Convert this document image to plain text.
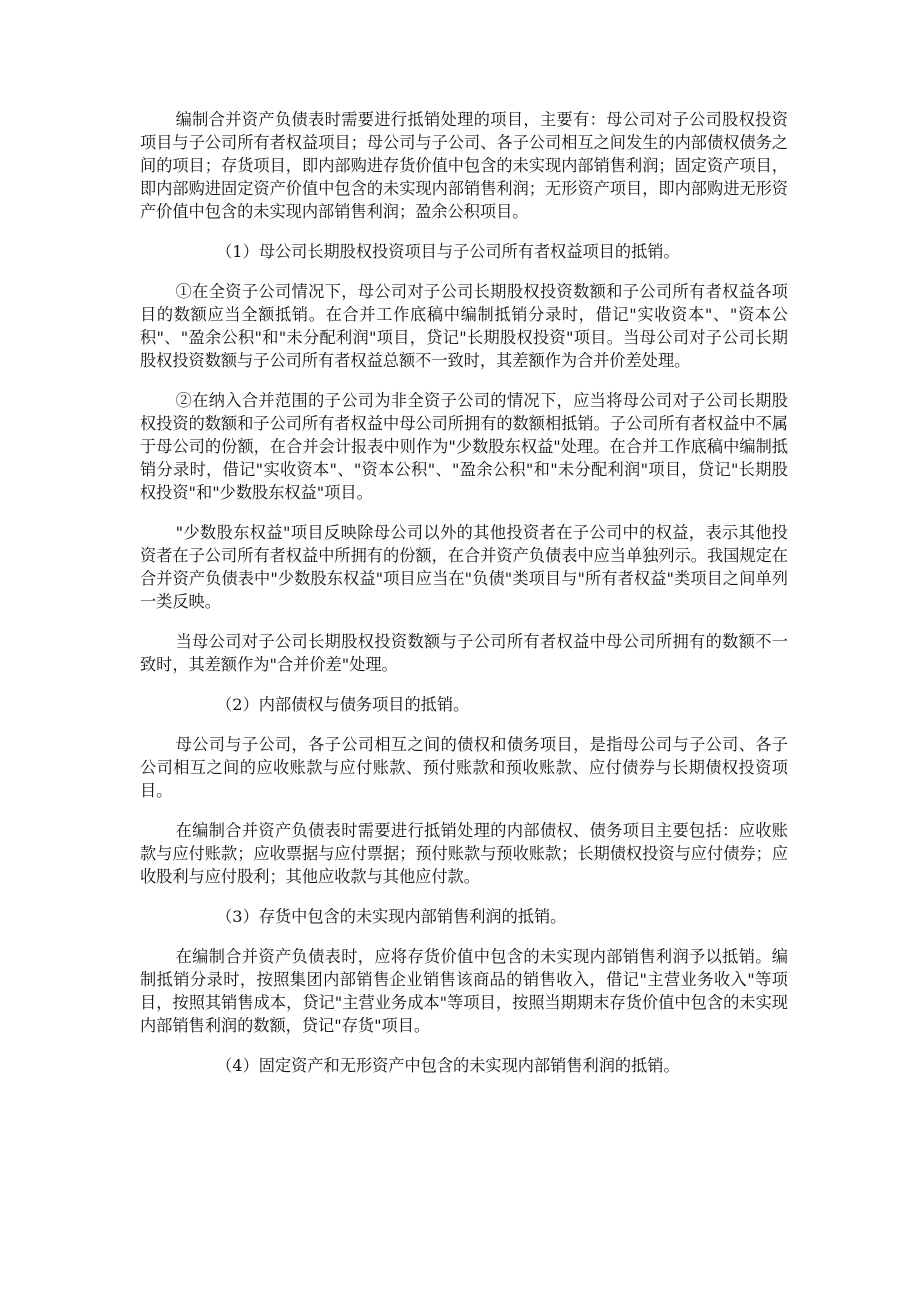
编制合并资产负债表时需要进行抵销处理的项目，主要有：母公司对子公司股权投资项目与子公司所有者权益项目；母公司与子公司、各子公司相互之间发生的内部债权债务之间的项目；存货项目，即内部购进存货价值中包含的未实现内部销售利润；固定资产项目，即内部购进固定资产价值中包含的未实现内部销售利润；无形资产项目，即内部购进无形资产价值中包含的未实现内部销售利润；盈余公积项目。

（1）母公司长期股权投资项目与子公司所有者权益项目的抵销。

①在全资子公司情况下，母公司对子公司长期股权投资数额和子公司所有者权益各项目的数额应当全额抵销。在合并工作底稿中编制抵销分录时，借记"实收资本"、"资本公积"、"盈余公积"和"未分配利润"项目，贷记"长期股权投资"项目。当母公司对子公司长期股权投资数额与子公司所有者权益总额不一致时，其差额作为合并价差处理。

②在纳入合并范围的子公司为非全资子公司的情况下，应当将母公司对子公司长期股权投资的数额和子公司所有者权益中母公司所拥有的数额相抵销。子公司所有者权益中不属于母公司的份额，在合并会计报表中则作为"少数股东权益"处理。在合并工作底稿中编制抵销分录时，借记"实收资本"、"资本公积"、"盈余公积"和"未分配利润"项目，贷记"长期股权投资"和"少数股东权益"项目。

"少数股东权益"项目反映除母公司以外的其他投资者在子公司中的权益，表示其他投资者在子公司所有者权益中所拥有的份额，在合并资产负债表中应当单独列示。我国规定在合并资产负债表中"少数股东权益"项目应当在"负债"类项目与"所有者权益"类项目之间单列一类反映。

当母公司对子公司长期股权投资数额与子公司所有者权益中母公司所拥有的数额不一致时，其差额作为"合并价差"处理。

（2）内部债权与债务项目的抵销。

母公司与子公司，各子公司相互之间的债权和债务项目，是指母公司与子公司、各子公司相互之间的应收账款与应付账款、预付账款和预收账款、应付债券与长期债权投资项目。

在编制合并资产负债表时需要进行抵销处理的内部债权、债务项目主要包括：应收账款与应付账款；应收票据与应付票据；预付账款与预收账款；长期债权投资与应付债券；应收股利与应付股利；其他应收款与其他应付款。

（3）存货中包含的未实现内部销售利润的抵销。

在编制合并资产负债表时，应将存货价值中包含的未实现内部销售利润予以抵销。编制抵销分录时，按照集团内部销售企业销售该商品的销售收入，借记"主营业务收入"等项目，按照其销售成本，贷记"主营业务成本"等项目，按照当期期末存货价值中包含的未实现内部销售利润的数额，贷记"存货"项目。

（4）固定资产和无形资产中包含的未实现内部销售利润的抵销。
